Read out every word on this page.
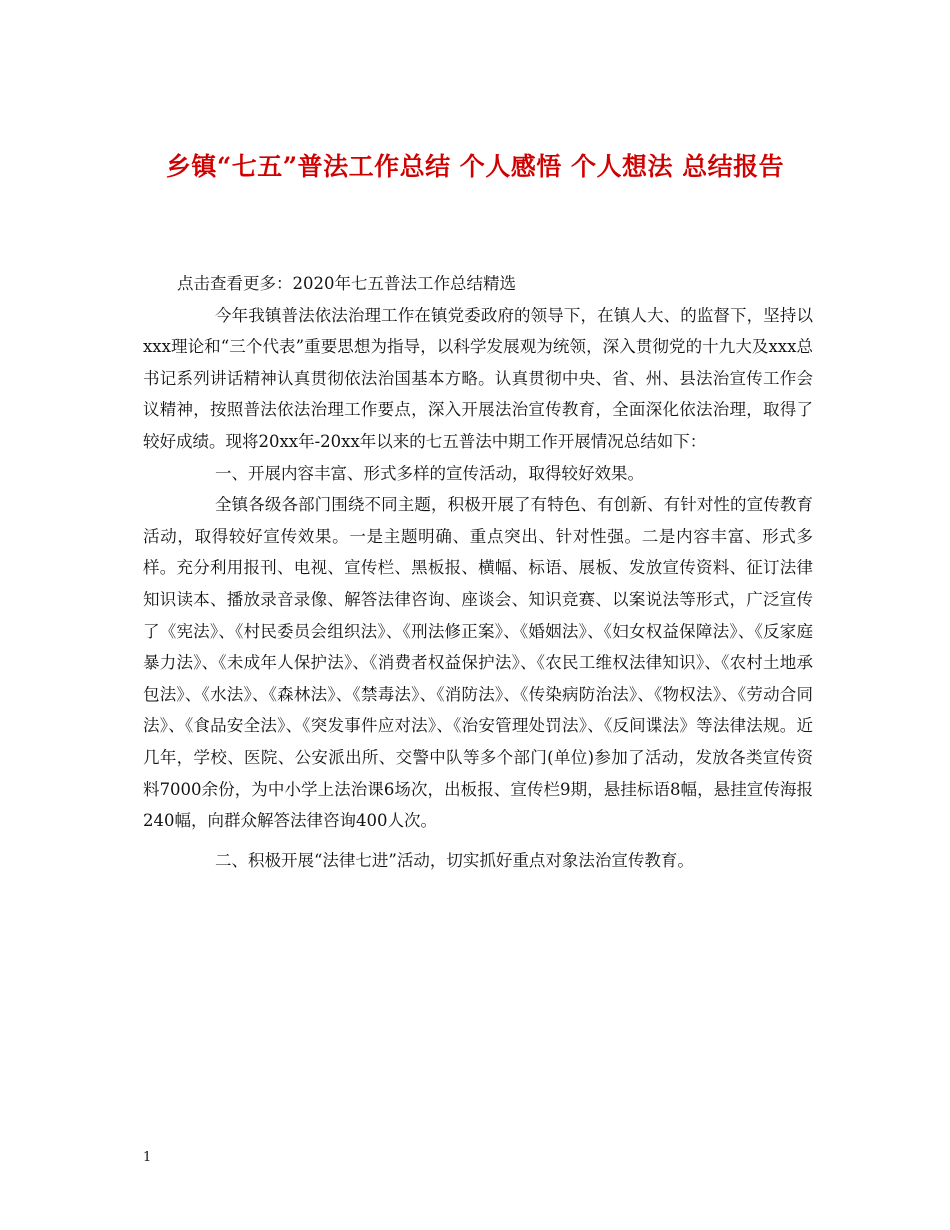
乡镇“七五”普法工作总结 个人感悟 个人想法 总结报告

点击查看更多：2020年七五普法工作总结精选

今年我镇普法依法治理工作在镇党委政府的领导下，在镇人大、的监督下，坚持以xxx理论和“三个代表”重要思想为指导，以科学发展观为统领，深入贯彻党的十九大及xxx总书记系列讲话精神认真贯彻依法治国基本方略。认真贯彻中央、省、州、县法治宣传工作会议精神，按照普法依法治理工作要点，深入开展法治宣传教育，全面深化依法治理，取得了较好成绩。现将20xx年-20xx年以来的七五普法中期工作开展情况总结如下：

一、开展内容丰富、形式多样的宣传活动，取得较好效果。

全镇各级各部门围绕不同主题，积极开展了有特色、有创新、有针对性的宣传教育活动，取得较好宣传效果。一是主题明确、重点突出、针对性强。二是内容丰富、形式多样。充分利用报刊、电视、宣传栏、黑板报、横幅、标语、展板、发放宣传资料、征订法律知识读本、播放录音录像、解答法律咨询、座谈会、知识竞赛、以案说法等形式，广泛宣传了《宪法》、《村民委员会组织法》、《刑法修正案》、《婚姻法》、《妇女权益保障法》、《反家庭暴力法》、《未成年人保护法》、《消费者权益保护法》、《农民工维权法律知识》、《农村土地承包法》、《水法》、《森林法》、《禁毒法》、《消防法》、《传染病防治法》、《物权法》、《劳动合同法》、《食品安全法》、《突发事件应对法》、《治安管理处罚法》、《反间谍法》等法律法规。近几年，学校、医院、公安派出所、交警中队等多个部门(单位)参加了活动，发放各类宣传资料7000余份，为中小学上法治课6场次，出板报、宣传栏9期，悬挂标语8幅，悬挂宣传海报240幅，向群众解答法律咨询400人次。

二、积极开展“法律七进”活动，切实抓好重点对象法治宣传教育。

1
